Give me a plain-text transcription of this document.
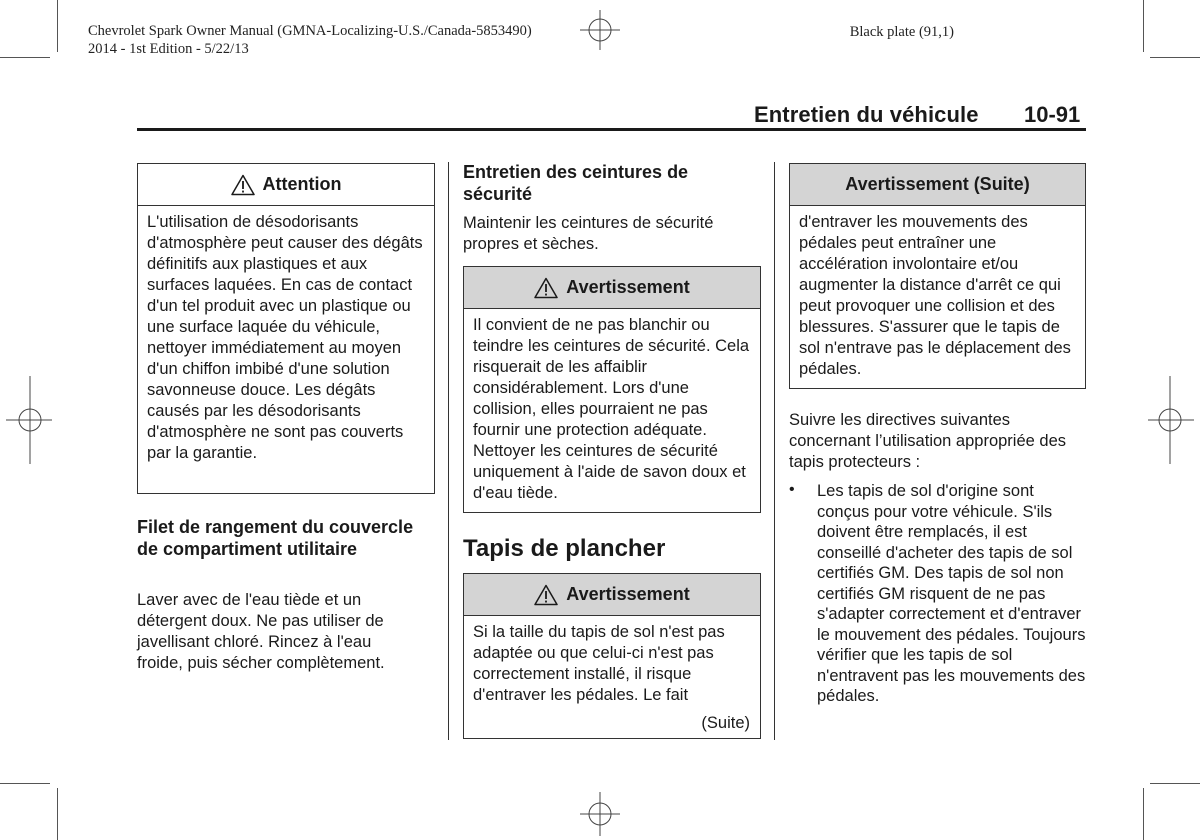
Chevrolet Spark Owner Manual (GMNA-Localizing-U.S./Canada-5853490)
2014 - 1st Edition - 5/22/13
Black plate (91,1)
Entretien du véhicule 10-91
Attention
L'utilisation de désodorisants d'atmosphère peut causer des dégâts définitifs aux plastiques et aux surfaces laquées. En cas de contact d'un tel produit avec un plastique ou une surface laquée du véhicule, nettoyer immédiatement au moyen d'un chiffon imbibé d'une solution savonneuse douce. Les dégâts causés par les désodorisants d'atmosphère ne sont pas couverts par la garantie.
Filet de rangement du couvercle de compartiment utilitaire
Laver avec de l'eau tiède et un détergent doux. Ne pas utiliser de javellisant chloré. Rincez à l'eau froide, puis sécher complètement.
Entretien des ceintures de sécurité
Maintenir les ceintures de sécurité propres et sèches.
Avertissement
Il convient de ne pas blanchir ou teindre les ceintures de sécurité. Cela risquerait de les affaiblir considérablement. Lors d'une collision, elles pourraient ne pas fournir une protection adéquate. Nettoyer les ceintures de sécurité uniquement à l'aide de savon doux et d'eau tiède.
Tapis de plancher
Avertissement
Si la taille du tapis de sol n'est pas adaptée ou que celui-ci n'est pas correctement installé, il risque d'entraver les pédales. Le fait
(Suite)
Avertissement (Suite)
d'entraver les mouvements des pédales peut entraîner une accélération involontaire et/ou augmenter la distance d'arrêt ce qui peut provoquer une collision et des blessures. S'assurer que le tapis de sol n'entrave pas le déplacement des pédales.
Suivre les directives suivantes concernant l’utilisation appropriée des tapis protecteurs :
• Les tapis de sol d'origine sont conçus pour votre véhicule. S'ils doivent être remplacés, il est conseillé d'acheter des tapis de sol certifiés GM. Des tapis de sol non certifiés GM risquent de ne pas s'adapter correctement et d'entraver le mouvement des pédales. Toujours vérifier que les tapis de sol n'entravent pas les mouvements des pédales.
